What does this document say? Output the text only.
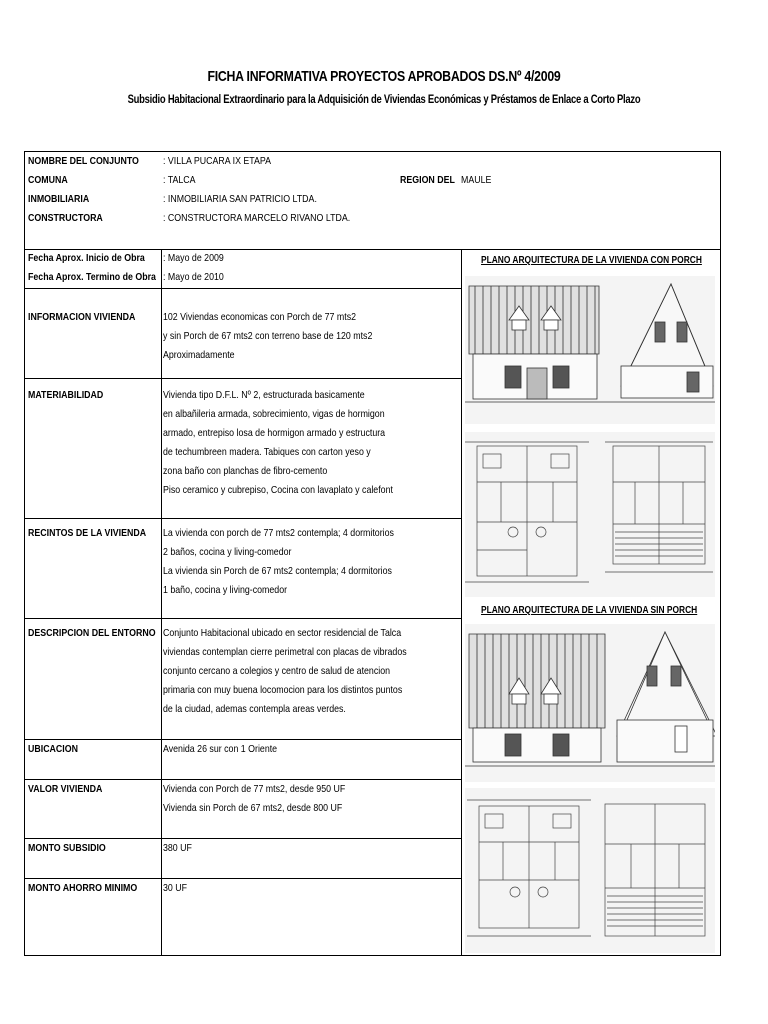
FICHA INFORMATIVA PROYECTOS APROBADOS DS.Nº 4/2009
Subsidio Habitacional Extraordinario para la Adquisición de Viviendas Económicas y Préstamos de Enlace a Corto Plazo
NOMBRE DEL CONJUNTO : VILLA PUCARA IX ETAPA
COMUNA	: TALCA	REGION DEL MAULE
INMOBILIARIA	: INMOBILIARIA SAN PATRICIO LTDA.
CONSTRUCTORA	: CONSTRUCTORA MARCELO RIVANO LTDA.
Fecha Aprox. Inicio de Obra : Mayo de 2009
Fecha Aprox. Termino de Obra : Mayo de 2010
INFORMACION VIVIENDA	102 Viviendas economicas con Porch de 77 mts2
y sin Porch de 67 mts2 con terreno base de 120 mts2
Aproximadamente
MATERIABILIDAD	Vivienda tipo D.F.L. Nº 2, estructurada basicamente
en albañileria armada, sobrecimiento, vigas de hormigon
armado, entrepiso losa de hormigon armado y estructura
de techumbreen madera. Tabiques con carton yeso y
zona baño con planchas de fibro-cemento
Piso ceramico y cubrepiso, Cocina con lavaplato y calefont
RECINTOS DE LA VIVIENDA La vivienda con porch de 77 mts2 contempla; 4 dormitorios
2 baños, cocina y living-comedor
La vivienda sin Porch de 67 mts2 contempla; 4 dormitorios
1 baño, cocina y living-comedor
DESCRIPCION DEL ENTORNO Conjunto Habitacional ubicado en sector residencial de Talca
viviendas contemplan cierre perimetral con placas de vibrados
conjunto cercano a colegios y centro de salud de atencion
primaria con muy buena locomocion para los distintos puntos
de la ciudad, ademas contempla areas verdes.
UBICACION	Avenida 26 sur con 1 Oriente
VALOR VIVIENDA	Vivienda con Porch de 77 mts2, desde 950 UF
Vivienda sin Porch de 67 mts2, desde 800 UF
MONTO SUBSIDIO	380 UF
MONTO AHORRO MINIMO 30 UF
PLANO ARQUITECTURA DE LA VIVIENDA CON PORCH
PLANO ARQUITECTURA DE LA VIVIENDA SIN PORCH
